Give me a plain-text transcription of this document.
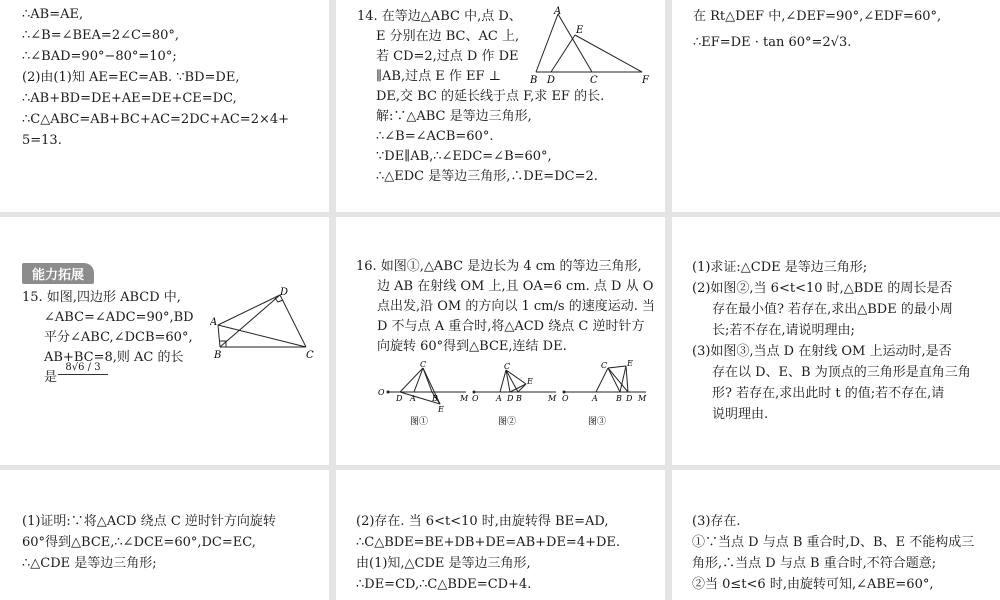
∴AB=AE,
∴∠B=∠BEA=2∠C=80°,
∴∠BAD=90°−80°=10°;
(2)由(1)知 AE=EC=AB. ∵BD=DE,
∴AB+BD=DE+AE=DE+CE=DC,
∴C△ABC=AB+BC+AC=2DC+AC=2×4+
5=13.
14. 在等边△ABC 中,点 D、
E 分别在边 BC、AC 上,
若 CD=2,过点 D 作 DE
∥AB,过点 E 作 EF ⊥
DE,交 BC 的延长线于点 F,求 EF 的长.
解:∵△ABC 是等边三角形,
∴∠B=∠ACB=60°.
∵DE∥AB,∴∠EDC=∠B=60°,
∴△EDC 是等边三角形,∴DE=DC=2.
A
E
B D	C	F
在 Rt△DEF 中,∠DEF=90°,∠EDF=60°,
∴EF=DE · tan 60°=2√3.
能力拓展
15. 如图,四边形 ABCD 中,
∠ABC=∠ADC=90°,BD
平分∠ABC,∠DCB=60°,
AB+BC=8,则 AC 的长
是
8√6 / 3
D
A
B	C
16. 如图①,△ABC 是边长为 4 cm 的等边三角形,
边 AB 在射线 OM 上,且 OA=6 cm. 点 D 从 O
点出发,沿 OM 的方向以 1 cm/s 的速度运动. 当
D 不与点 A 重合时,将△ACD 绕点 C 逆时针方
向旋转 60°得到△BCE,连结 DE.
O
C
D A B	M
E
O
C
A D B
E
M O
C E
A B D M
图①	图②	图③
(1)求证:△CDE 是等边三角形;
(2)如图②,当 6<t<10 时,△BDE 的周长是否
存在最小值? 若存在,求出△BDE 的最小周
长;若不存在,请说明理由;
(3)如图③,当点 D 在射线 OM 上运动时,是否
存在以 D、E、B 为顶点的三角形是直角三角
形? 若存在,求出此时 t 的值;若不存在,请
说明理由.
(1)证明:∵将△ACD 绕点 C 逆时针方向旋转
60°得到△BCE,∴∠DCE=60°,DC=EC,
∴△CDE 是等边三角形;
(2)存在. 当 6<t<10 时,由旋转得 BE=AD,
∴C△BDE=BE+DB+DE=AB+DE=4+DE.
由(1)知,△CDE 是等边三角形,
∴DE=CD,∴C△BDE=CD+4.
(3)存在.
①∵当点 D 与点 B 重合时,D、B、E 不能构成三
角形,∴当点 D 与点 B 重合时,不符合题意;
②当 0≤t<6 时,由旋转可知,∠ABE=60°,
